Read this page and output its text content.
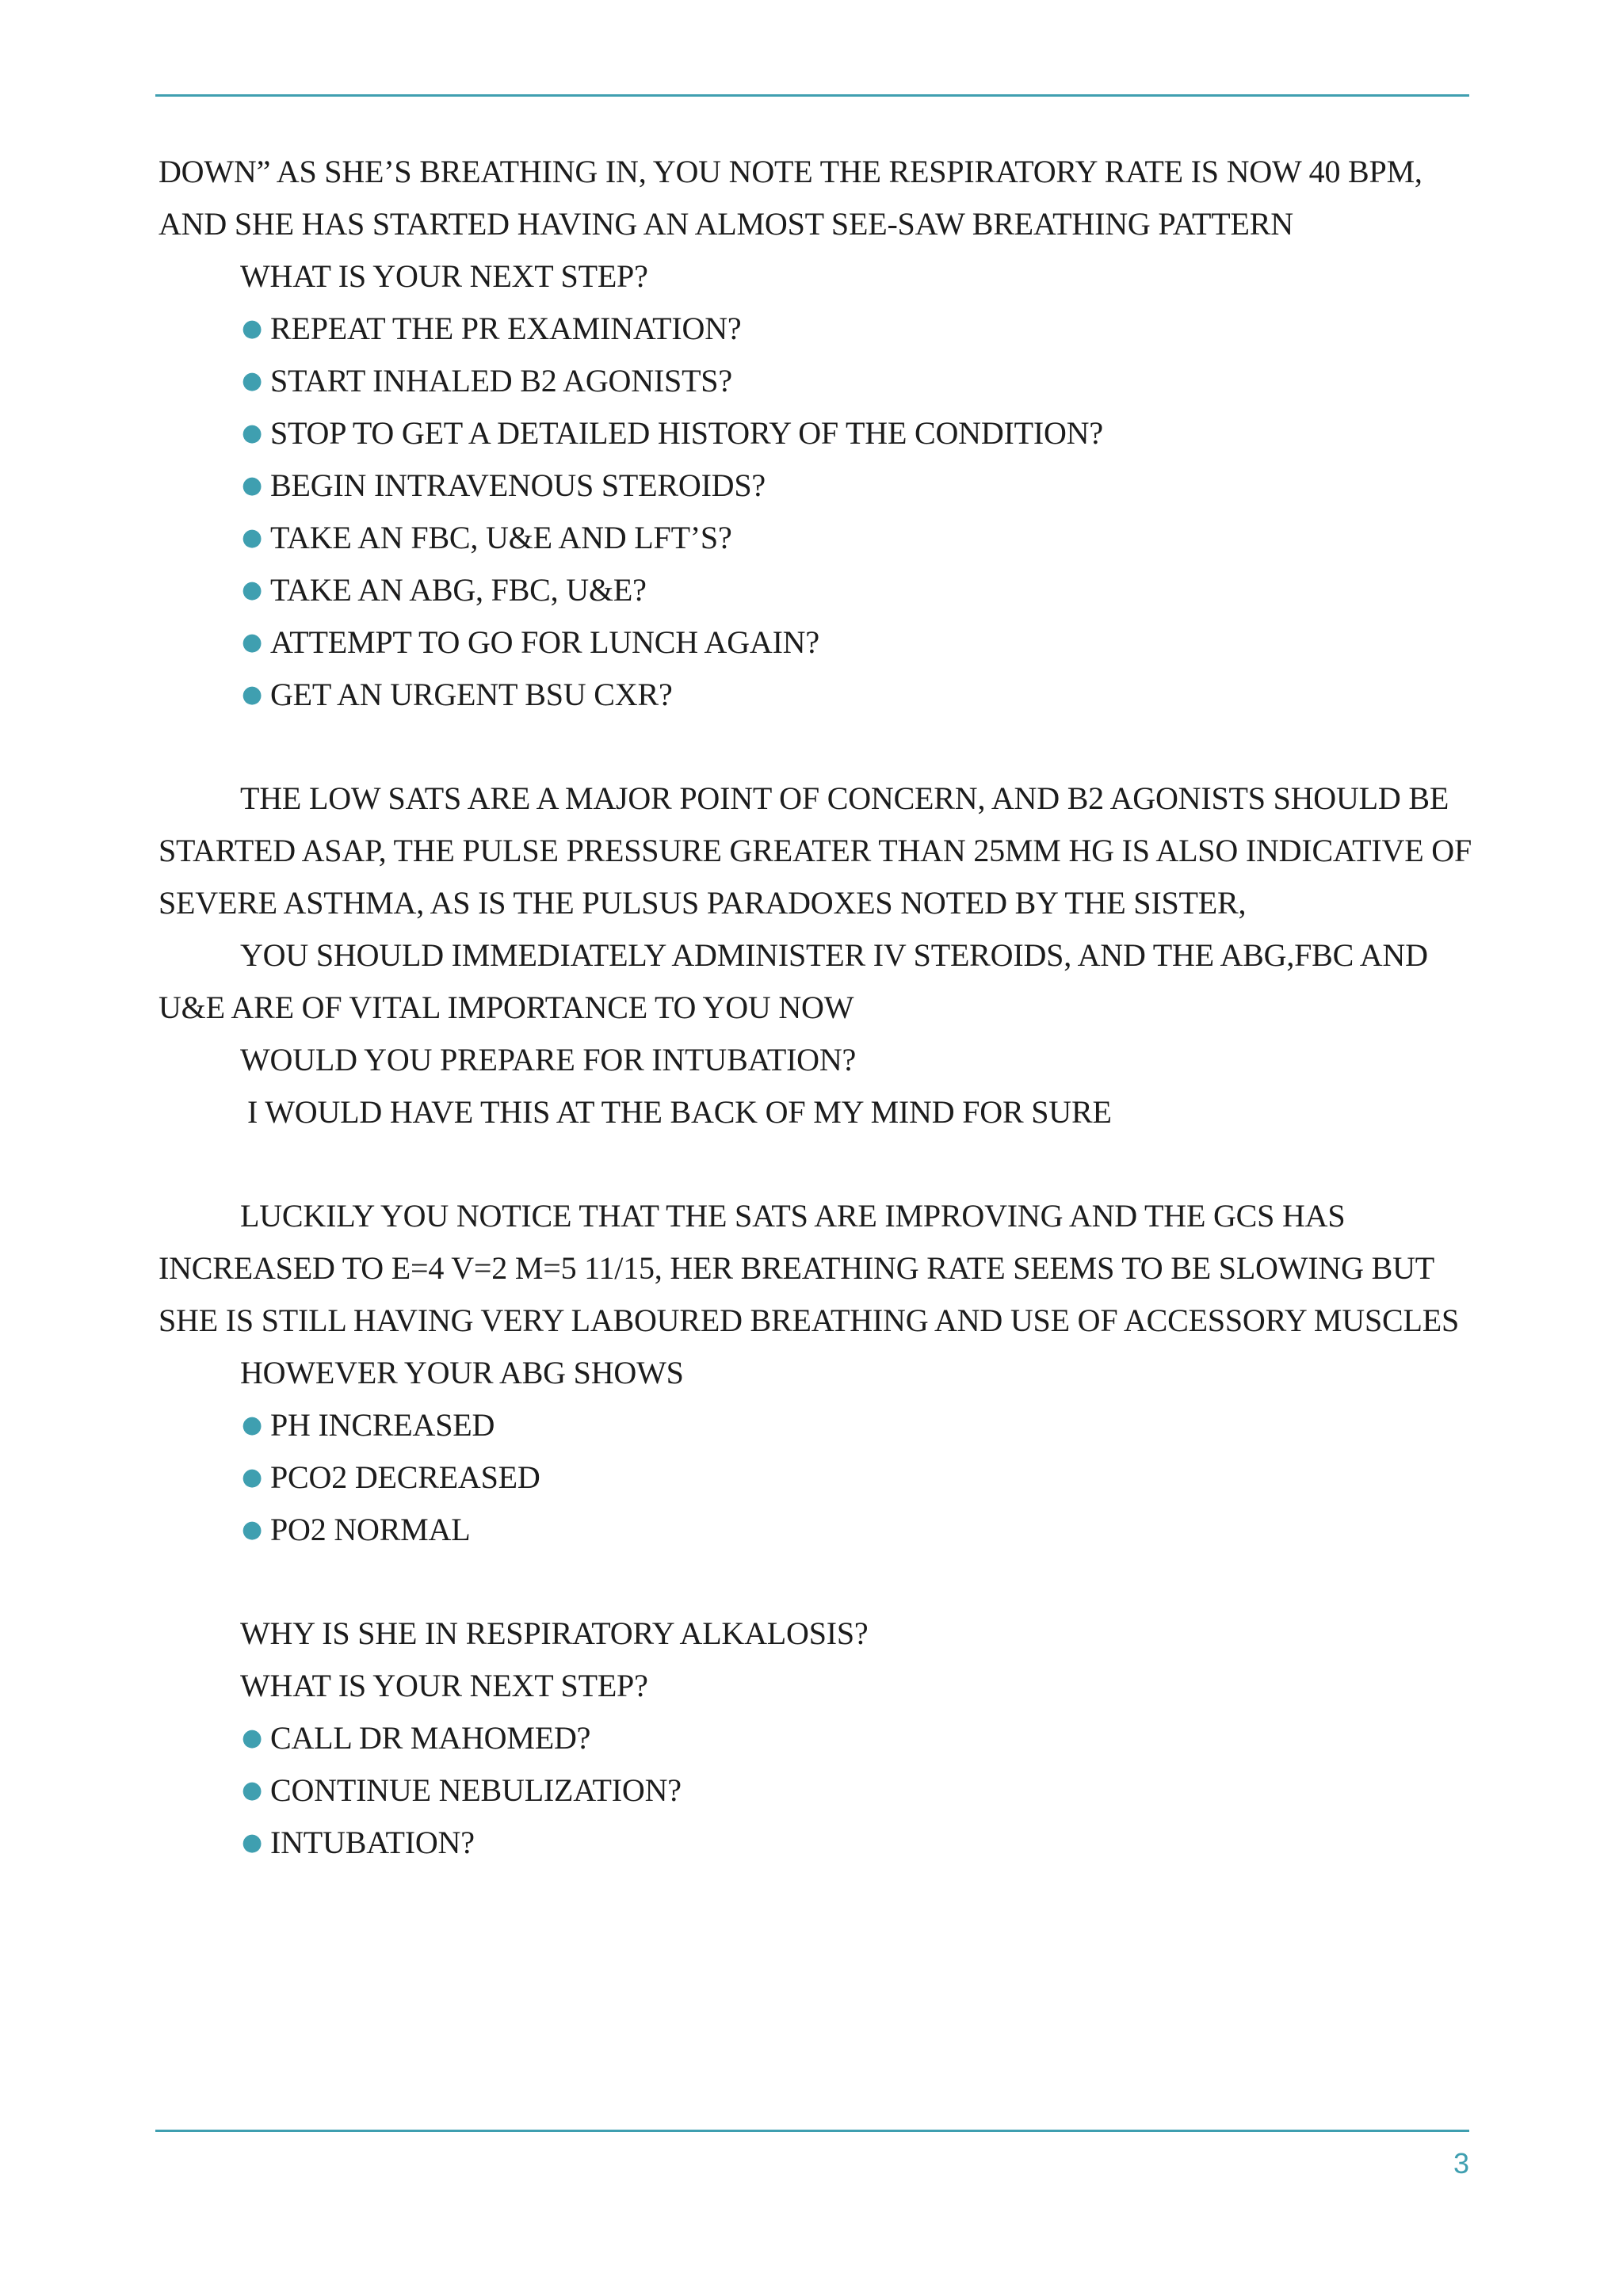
DOWN” AS SHE’S BREATHING IN, YOU NOTE THE RESPIRATORY RATE IS NOW 40 BPM, AND SHE HAS STARTED HAVING AN ALMOST SEE-SAW BREATHING PATTERN

WHAT IS YOUR NEXT STEP?

● REPEAT THE PR EXAMINATION?
● START INHALED B2 AGONISTS?
● STOP TO GET A DETAILED HISTORY OF THE CONDITION?
● BEGIN INTRAVENOUS STEROIDS?
● TAKE AN FBC, U&E AND LFT’S?
● TAKE AN ABG, FBC, U&E?
● ATTEMPT TO GO FOR LUNCH AGAIN?
● GET AN URGENT BSU CXR?

THE LOW SATS ARE A MAJOR POINT OF CONCERN, AND B2 AGONISTS SHOULD BE STARTED ASAP, THE PULSE PRESSURE GREATER THAN 25MM HG IS ALSO INDICATIVE OF SEVERE ASTHMA, AS IS THE PULSUS PARADOXES NOTED BY THE SISTER,

YOU SHOULD IMMEDIATELY ADMINISTER IV STEROIDS, AND THE ABG,FBC AND U&E ARE OF VITAL IMPORTANCE TO YOU NOW

WOULD YOU PREPARE FOR INTUBATION?

I WOULD HAVE THIS AT THE BACK OF MY MIND FOR SURE

LUCKILY YOU NOTICE THAT THE SATS ARE IMPROVING AND THE GCS HAS INCREASED TO E=4 V=2 M=5 11/15, HER BREATHING RATE SEEMS TO BE SLOWING BUT SHE IS STILL HAVING VERY LABOURED BREATHING AND USE OF ACCESSORY MUSCLES

HOWEVER YOUR ABG SHOWS

● PH INCREASED
● PCO2 DECREASED
● PO2 NORMAL

WHY IS SHE IN RESPIRATORY ALKALOSIS?

WHAT IS YOUR NEXT STEP?

● CALL DR MAHOMED?
● CONTINUE NEBULIZATION?
● INTUBATION?
3
